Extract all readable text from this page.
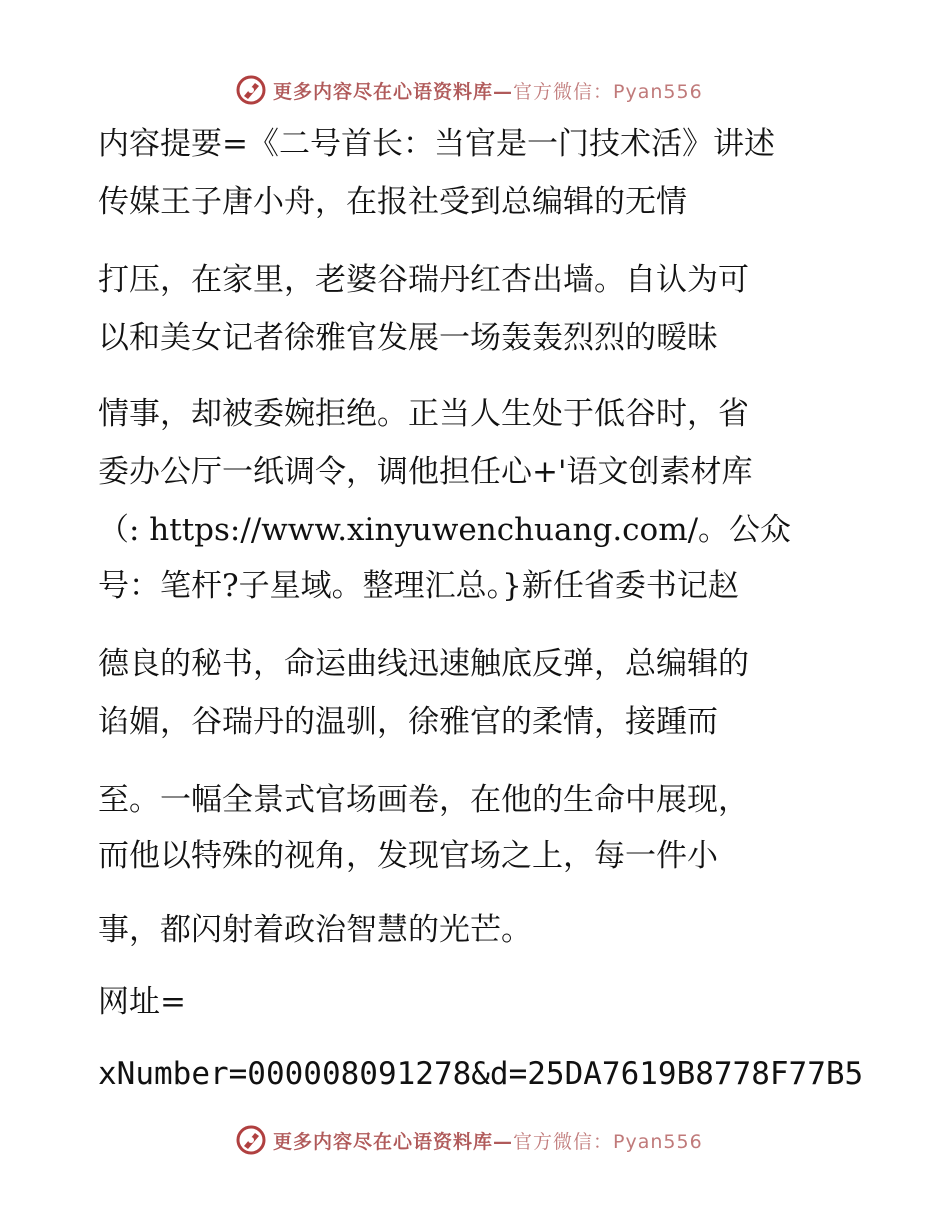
更多内容尽在心语资料库—官方微信：Pyan556
内容提要=《二号首长：当官是一门技术活》讲述
传媒王子唐小舟，在报社受到总编辑的无情
打压，在家里，老婆谷瑞丹红杏出墙。自认为可
以和美女记者徐雅官发展一场轰轰烈烈的暧昧
情事，却被委婉拒绝。正当人生处于低谷时，省
委办公厅一纸调令，调他担任心+'语文创素材库
（: https://www.xinyuwenchuang.com/。公众
号：笔杆?子星域。整理汇总。}新任省委书记赵
德良的秘书，命运曲线迅速触底反弹，总编辑的
谄媚，谷瑞丹的温驯，徐雅官的柔情，接踵而
至。一幅全景式官场画卷，在他的生命中展现，
而他以特殊的视角，发现官场之上，每一件小
事，都闪射着政治智慧的光芒。
网址=
xNumber=000008091278&d=25DA7619B8778F77B5
更多内容尽在心语资料库—官方微信：Pyan556
